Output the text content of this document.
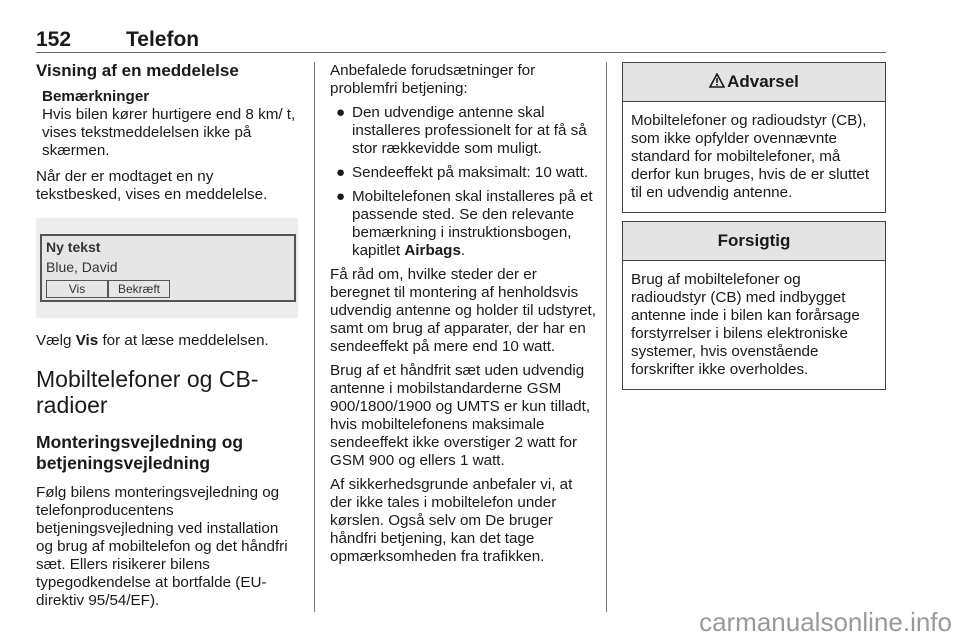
152	Telefon
Visning af en meddelelse
Bemærkninger
Hvis bilen kører hurtigere end 8 km/ t, vises tekstmeddelelsen ikke på skærmen.

Når der er modtaget en ny tekstbesked, vises en meddelelse.

Ny tekst
Blue, David
Vis	Bekræft

Vælg Vis for at læse meddelelsen.

Mobiltelefoner og CB-radioer
Monteringsvejledning og betjeningsvejledning

Følg bilens monteringsvejledning og telefonproducentens betjeningsvejledning ved installation og brug af mobiltelefon og det håndfri sæt. Ellers risikerer bilens typegodkendelse at bortfalde (EU-direktiv 95/54/EF).

Anbefalede forudsætninger for problemfri betjening:

● Den udvendige antenne skal installeres professionelt for at få så stor rækkevidde som muligt.
● Sendeeffekt på maksimalt: 10 watt.
● Mobiltelefonen skal installeres på et passende sted. Se den relevante bemærkning i instruktionsbogen, kapitlet Airbags.

Få råd om, hvilke steder der er beregnet til montering af henholdsvis udvendig antenne og holder til udstyret, samt om brug af apparater, der har en sendeeffekt på mere end 10 watt.

Brug af et håndfrit sæt uden udvendig antenne i mobilstandarderne GSM 900/1800/1900 og UMTS er kun tilladt, hvis mobiltelefonens maksimale sendeeffekt ikke overstiger 2 watt for GSM 900 og ellers 1 watt.

Af sikkerhedsgrunde anbefaler vi, at der ikke tales i mobiltelefon under kørslen. Også selv om De bruger håndfri betjening, kan det tage opmærksomheden fra trafikken.

Advarsel
Mobiltelefoner og radioudstyr (CB), som ikke opfylder ovennævnte standard for mobiltelefoner, må derfor kun bruges, hvis de er sluttet til en udvendig antenne.
Forsigtig
Brug af mobiltelefoner og radioudstyr (CB) med indbygget antenne inde i bilen kan forårsage forstyrrelser i bilens elektroniske systemer, hvis ovenstående forskrifter ikke overholdes.
carmanualsonline.info
